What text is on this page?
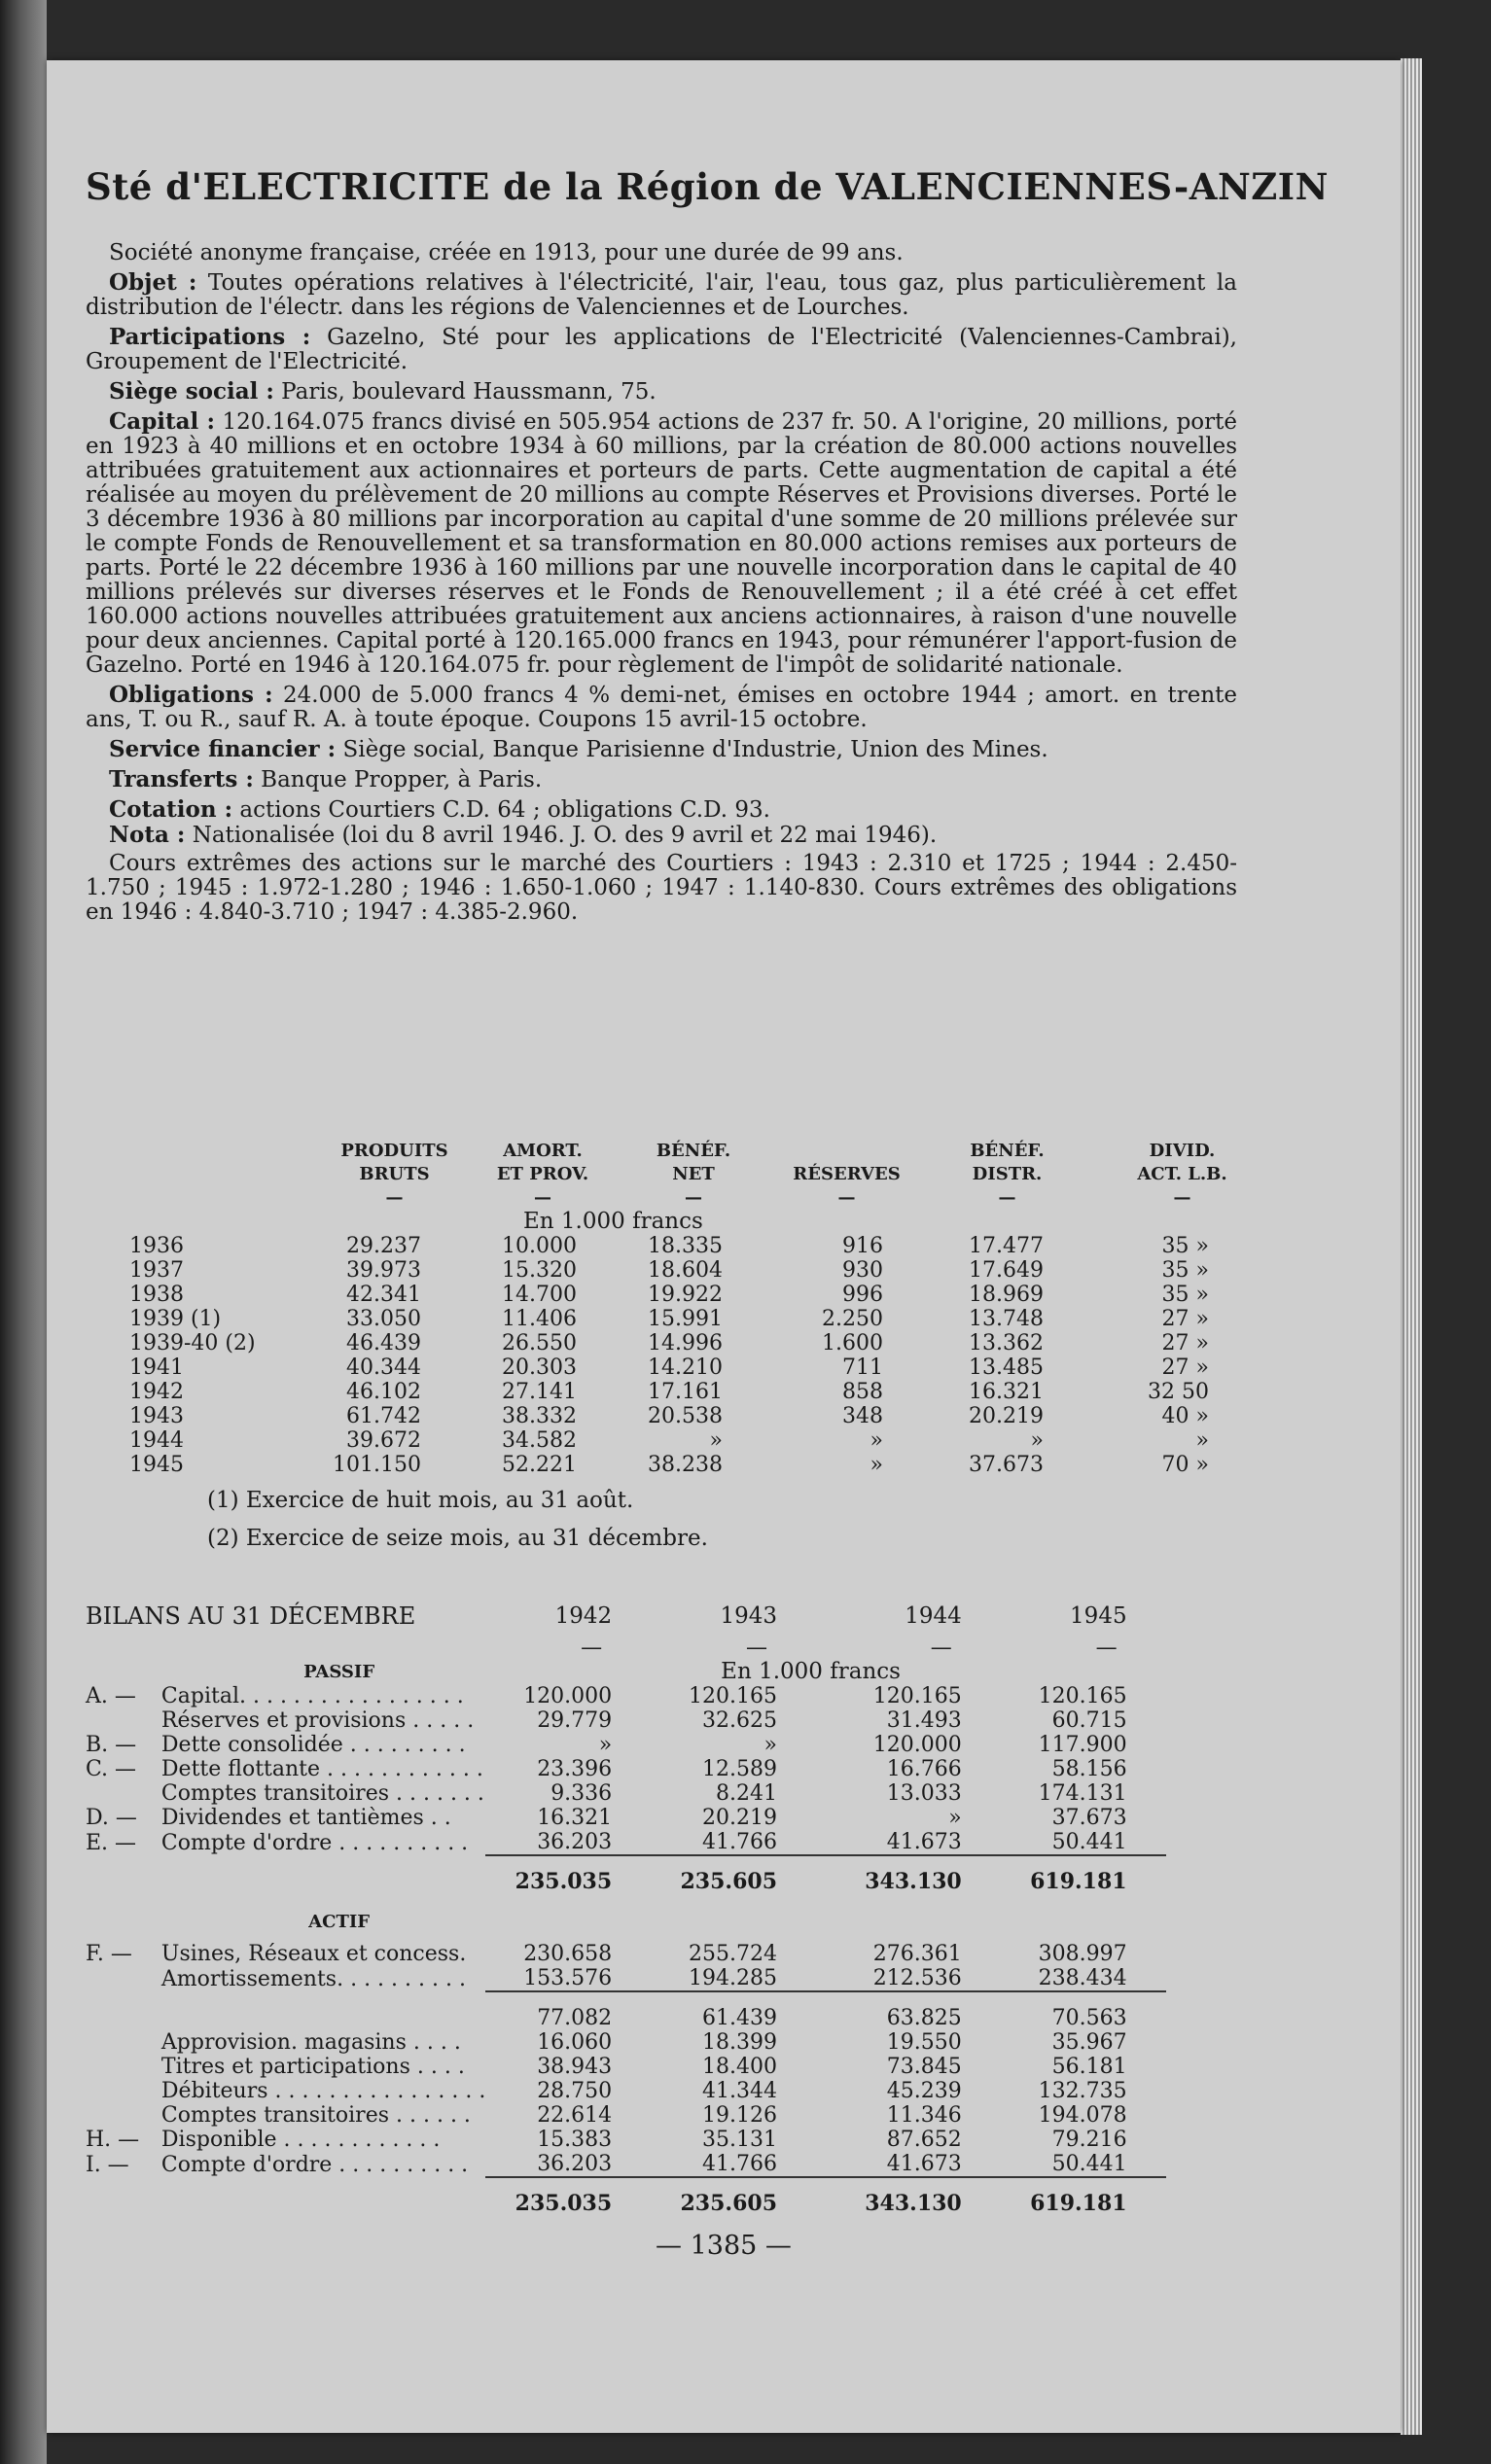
Sté d'ELECTRICITE de la Région de VALENCIENNES-ANZIN

Société anonyme française, créée en 1913, pour une durée de 99 ans.

Objet : Toutes opérations relatives à l'électricité, l'air, l'eau, tous gaz, plus particulièrement la distribution de l'électr. dans les régions de Valenciennes et de Lourches.

Participations : Gazelno, Sté pour les applications de l'Electricité (Valenciennes-Cambrai), Groupement de l'Electricité.

Siège social : Paris, boulevard Haussmann, 75.

Capital : 120.164.075 francs divisé en 505.954 actions de 237 fr. 50. A l'origine, 20 millions, porté en 1923 à 40 millions et en octobre 1934 à 60 millions, par la création de 80.000 actions nouvelles attribuées gratuitement aux actionnaires et porteurs de parts. Cette augmentation de capital a été réalisée au moyen du prélèvement de 20 millions au compte Réserves et Provisions diverses. Porté le 3 décembre 1936 à 80 millions par incorporation au capital d'une somme de 20 millions prélevée sur le compte Fonds de Renouvellement et sa transformation en 80.000 actions remises aux porteurs de parts. Porté le 22 décembre 1936 à 160 millions par une nouvelle incorporation dans le capital de 40 millions prélevés sur diverses réserves et le Fonds de Renouvellement ; il a été créé à cet effet 160.000 actions nouvelles attribuées gratuitement aux anciens actionnaires, à raison d'une nouvelle pour deux anciennes. Capital porté à 120.165.000 francs en 1943, pour rémunérer l'apport-fusion de Gazelno. Porté en 1946 à 120.164.075 fr. pour règlement de l'impôt de solidarité nationale.

Obligations : 24.000 de 5.000 francs 4 % demi-net, émises en octobre 1944 ; amort. en trente ans, T. ou R., sauf R. A. à toute époque. Coupons 15 avril-15 octobre.

Service financier : Siège social, Banque Parisienne d'Industrie, Union des Mines.

Transferts : Banque Propper, à Paris.

Cotation : actions Courtiers C.D. 64 ; obligations C.D. 93.

Nota : Nationalisée (loi du 8 avril 1946. J. O. des 9 avril et 22 mai 1946).

Cours extrêmes des actions sur le marché des Courtiers : 1943 : 2.310 et 1725 ; 1944 : 2.450-1.750 ; 1945 : 1.972-1.280 ; 1946 : 1.650-1.060 ; 1947 : 1.140-830. Cours extrêmes des obligations en 1946 : 4.840-3.710 ; 1947 : 4.385-2.960.

	PRODUITS	AMORT.	BÉNÉF.		BÉNÉF.	DIVID.
	BRUTS	ET PROV.	NET	RÉSERVES	DISTR.	ACT. L.B.
	—	—	—	—	—	—
		En 1.000 francs				
1936	29.237	10.000	18.335	916	17.477	35 »
1937	39.973	15.320	18.604	930	17.649	35 »
1938	42.341	14.700	19.922	996	18.969	35 »
1939 (1)	33.050	11.406	15.991	2.250	13.748	27 »
1939-40 (2)	46.439	26.550	14.996	1.600	13.362	27 »
1941	40.344	20.303	14.210	711	13.485	27 »
1942	46.102	27.141	17.161	858	16.321	32 50
1943	61.742	38.332	20.538	348	20.219	40 »
1944	39.672	34.582	»	»	»	»
1945	101.150	52.221	38.238	»	37.673	70 »
(1) Exercice de huit mois, au 31 août.
(2) Exercice de seize mois, au 31 décembre.
BILANS AU 31 DÉCEMBRE		1942	1943	1944	1945		
		—	—	—	—		
	PASSIF		En 1.000 francs				
A. —	Capital. . . . . . . . . . . . . . . . .	120.000	120.165	120.165	120.165		
	Réserves et provisions . . . . .	29.779	32.625	31.493	60.715		
B. —	Dette consolidée . . . . . . . . .	»	»	120.000	117.900		
C. —	Dette flottante . . . . . . . . . . . .	23.396	12.589	16.766	58.156		
	Comptes transitoires . . . . . . .	9.336	8.241	13.033	174.131		
D. —	Dividendes et tantièmes . .	16.321	20.219	»	37.673		
E. —	Compte d'ordre . . . . . . . . . .	36.203	41.766	41.673	50.441		
		235.035	235.605	343.130	619.181		
	ACTIF						
F. —	Usines, Réseaux et concess.	230.658	255.724	276.361	308.997		
	Amortissements. . . . . . . . . .	153.576	194.285	212.536	238.434		
		77.082	61.439	63.825	70.563		
	Approvision. magasins . . . .	16.060	18.399	19.550	35.967		
	Titres et participations . . . .	38.943	18.400	73.845	56.181		
	Débiteurs . . . . . . . . . . . . . . . .	28.750	41.344	45.239	132.735		
	Comptes transitoires . . . . . .	22.614	19.126	11.346	194.078		
H. —	Disponible . . . . . . . . . . . .	15.383	35.131	87.652	79.216		
I. —	Compte d'ordre . . . . . . . . . .	36.203	41.766	41.673	50.441		
		235.035	235.605	343.130	619.181		
— 1385 —
